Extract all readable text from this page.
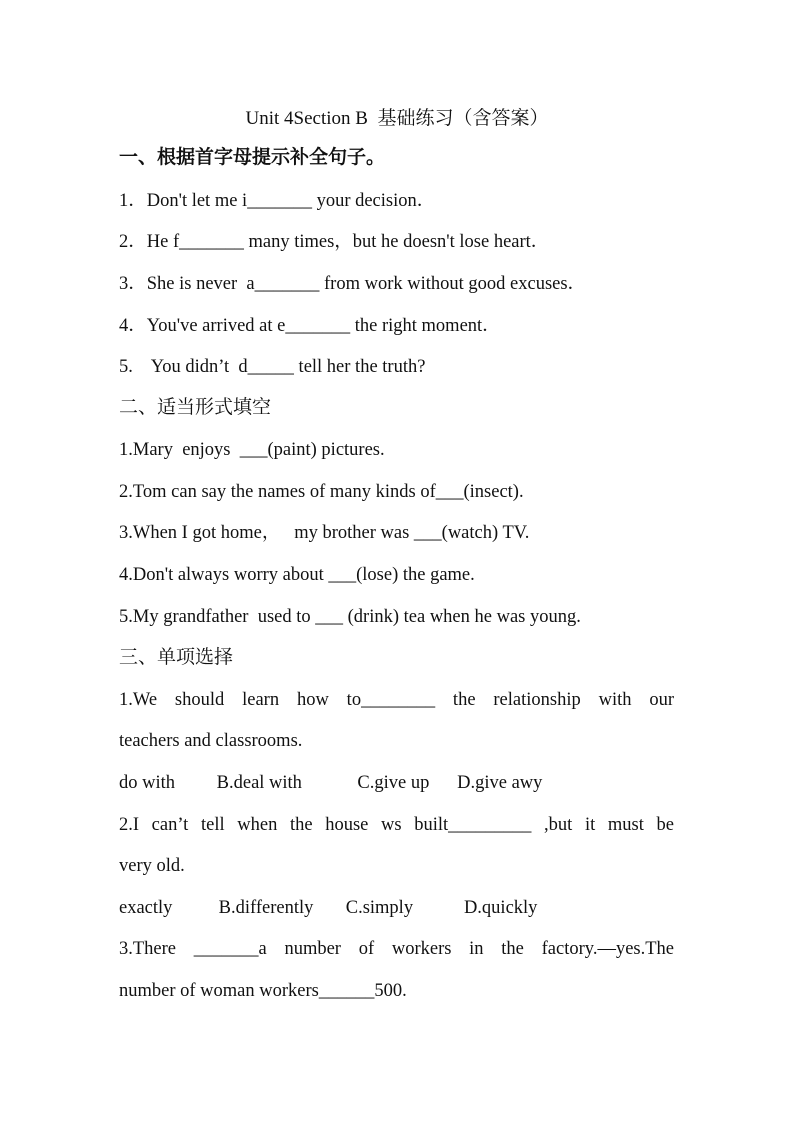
Unit 4Section B  基础练习（含答案）
一、根据首字母提示补全句子。
1．Don't let me i_______ your decision．
2．He f_______ many times，but he doesn't lose heart．
3．She is never  a_______ from work without good excuses．
4．You've arrived at e_______ the right moment．
5.    You didn’t  d_____ tell her the truth?
二、适当形式填空
1.Mary  enjoys  ___(paint) pictures.
2.Tom can say the names of many kinds of___(insect).
3.When I got home，   my brother was ___(watch) TV.
4.Don't always worry about ___(lose) the game.
5.My grandfather  used to ___ (drink) tea when he was young.
三、单项选择
1.We should learn how to________ the relationship with our
teachers and classrooms.
do with         B.deal with            C.give up      D.give awy
2.I can’t tell when the house ws built_________ ,but it must be
very old.
exactly          B.differently       C.simply           D.quickly
3.There _______a number of workers in the factory.—yes.The
number of woman workers______500.
